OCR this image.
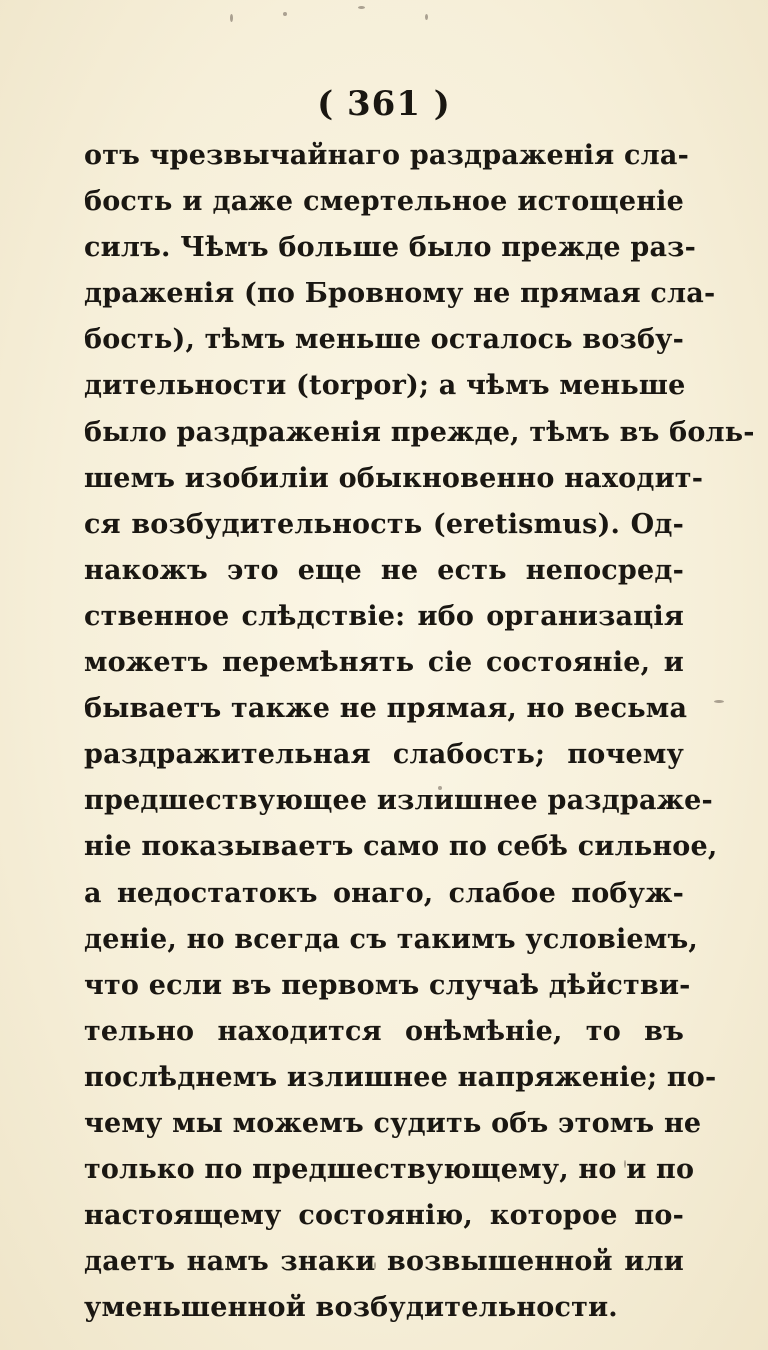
( 361 )
отъ чрезвычайнаго раздраженія сла-
бость и даже смертельное истощеніе
силъ. Чѣмъ больше было прежде раз-
драженія (по Бровному не прямая сла-
бость), тѣмъ меньше осталось возбу-
дительности (torpor); а чѣмъ меньше
было раздраженія прежде, тѣмъ въ боль-
шемъ изобиліи обыкновенно находит-
ся возбудительность (eretismus). Од-
накожъ это еще не есть непосред-
ственное слѣдствіе: ибо организація
можетъ перемѣнять сіе состояніе, и
бываетъ также не прямая, но весьма
раздражительная слабость; почему
предшествующее излишнее раздраже-
ніе показываетъ само по себѣ сильное,
а недостатокъ онаго, слабое побуж-
деніе, но всегда съ такимъ условіемъ,
что если въ первомъ случаѣ дѣйстви-
тельно находится онѣмѣніе, то въ
послѣднемъ излишнее напряженіе; по-
чему мы можемъ судить объ этомъ не
только по предшествующему, но и по
настоящему состоянію, которое по-
даетъ намъ знаки возвышенной или
уменьшенной возбудительности.
